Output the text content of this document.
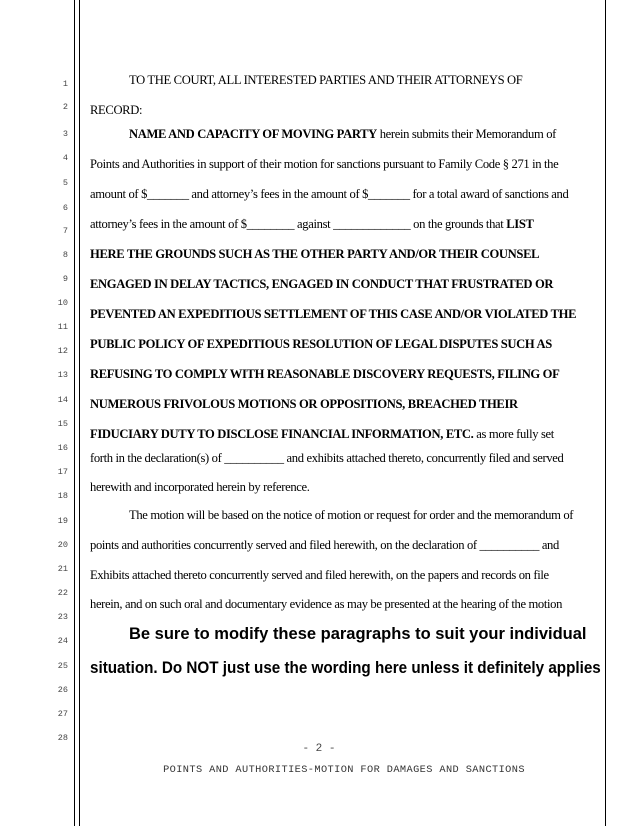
1
2
3
4
5
6
7
8
9
10
11
12
13
14
15
16
17
18
19
20
21
22
23
24
25
26
27
28
TO THE COURT, ALL INTERESTED PARTIES AND THEIR ATTORNEYS OF
RECORD:
NAME AND CAPACITY OF MOVING PARTY herein submits their Memorandum of
Points and Authorities in support of their motion for sanctions pursuant to Family Code § 271 in the
amount of $_______ and attorney’s fees in the amount of $_______ for a total award of sanctions and
attorney’s fees in the amount of $________ against _____________ on the grounds that LIST
HERE THE GROUNDS SUCH AS THE OTHER PARTY AND/OR THEIR COUNSEL
ENGAGED IN DELAY TACTICS, ENGAGED IN CONDUCT THAT FRUSTRATED OR
PEVENTED AN EXPEDITIOUS SETTLEMENT OF THIS CASE AND/OR VIOLATED THE
PUBLIC POLICY OF EXPEDITIOUS RESOLUTION OF LEGAL DISPUTES SUCH AS
REFUSING TO COMPLY WITH REASONABLE DISCOVERY REQUESTS, FILING OF
NUMEROUS FRIVOLOUS MOTIONS OR OPPOSITIONS, BREACHED THEIR
FIDUCIARY DUTY TO DISCLOSE FINANCIAL INFORMATION, ETC. as more fully set
forth in the declaration(s) of __________ and exhibits attached thereto, concurrently filed and served
herewith and incorporated herein by reference.
The motion will be based on the notice of motion or request for order and the memorandum of
points and authorities concurrently served and filed herewith, on the declaration of __________ and
Exhibits attached thereto concurrently served and filed herewith, on the papers and records on file
herein, and on such oral and documentary evidence as may be presented at the hearing of the motion
Be sure to modify these paragraphs to suit your individual
situation. Do NOT just use the wording here unless it definitely applies
- 2 -
POINTS AND AUTHORITIES-MOTION FOR DAMAGES AND SANCTIONS
